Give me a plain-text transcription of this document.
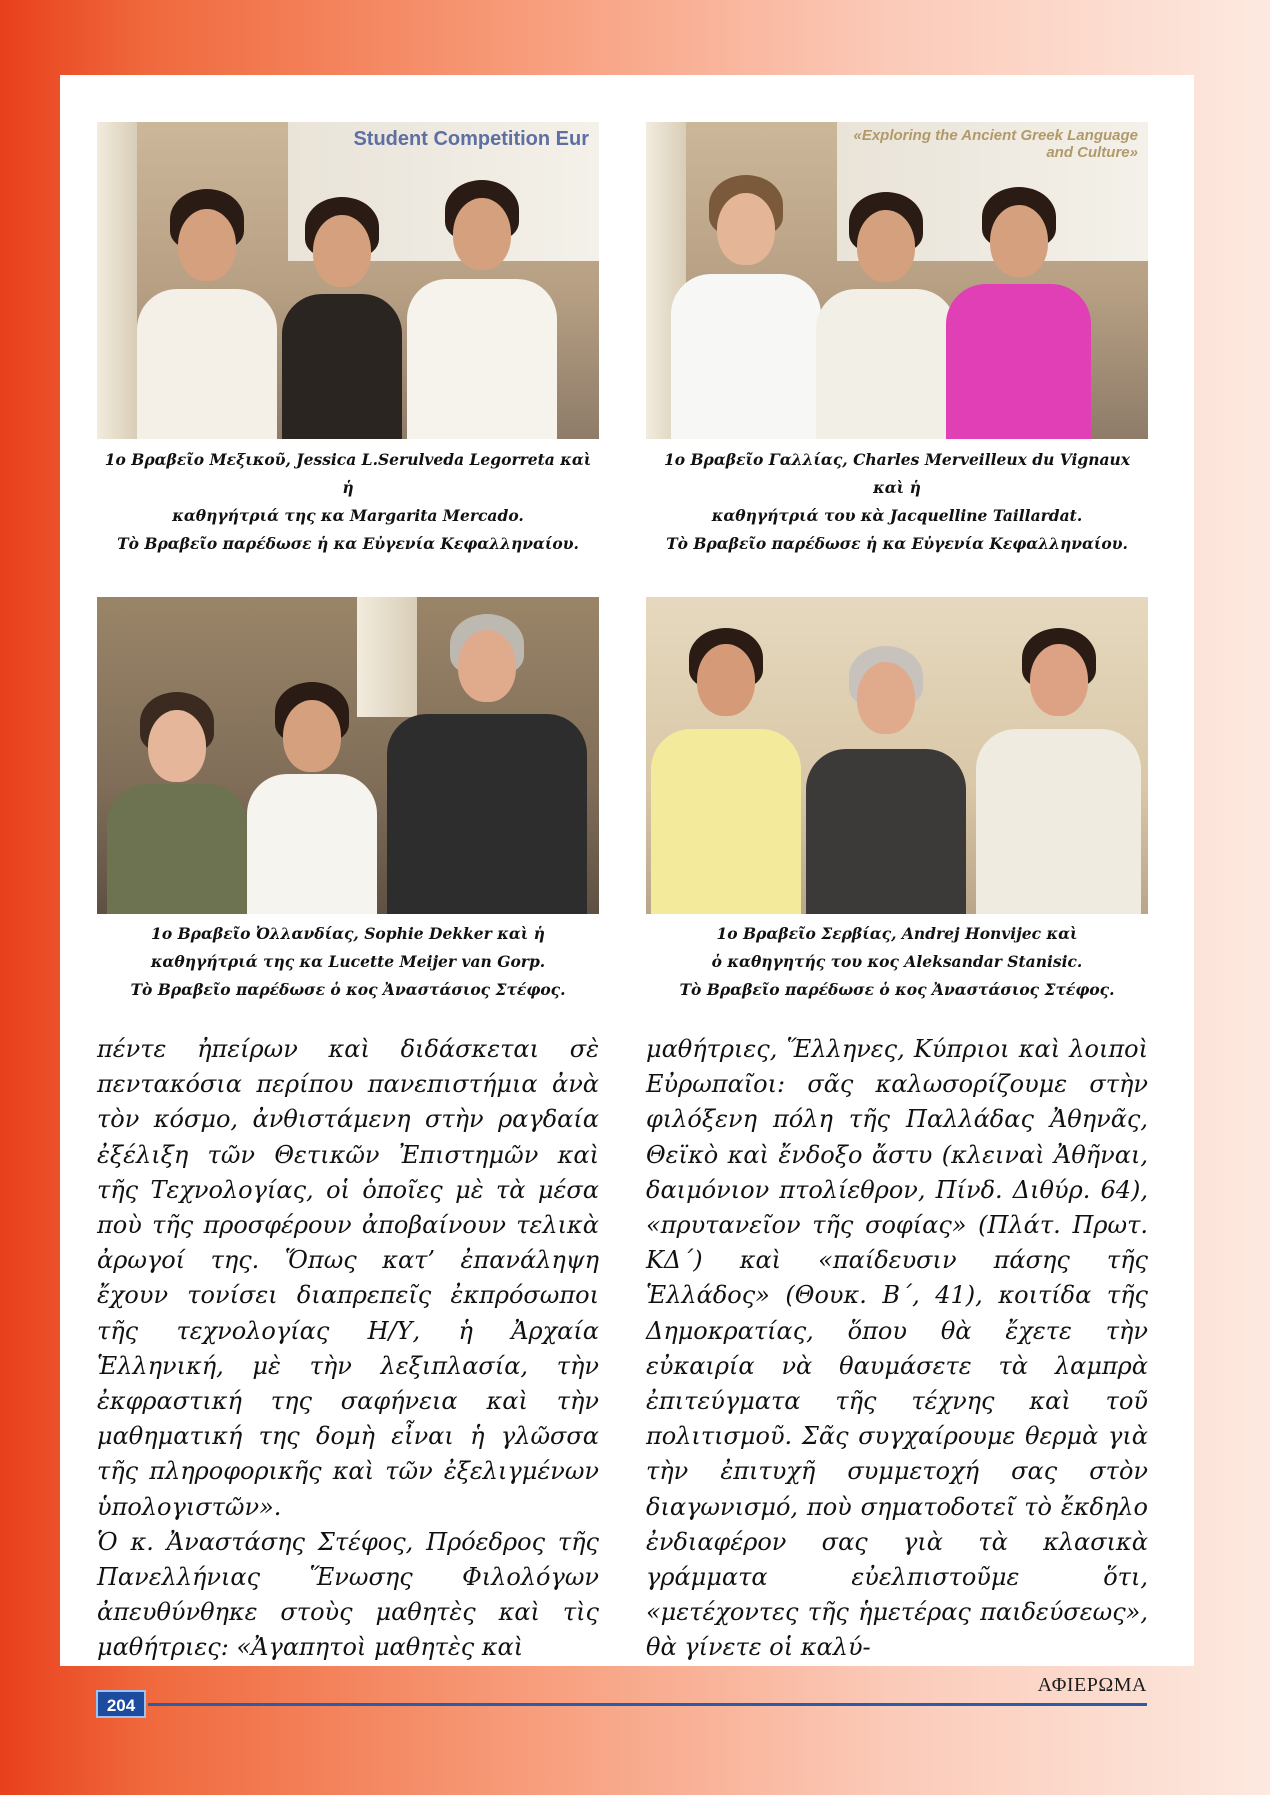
Student Competition Eur	«Exploring the Ancient Greek Language and Culture»
1ο Βραβεῖο Μεξικοῦ, Jessica L.Serulveda Legorreta καὶ ἡ
καθηγήτριά της κα Margarita Mercado.
Τὸ Βραβεῖο παρέδωσε ἡ κα Εὐγενία Κεφαλληναίου.
1ο Βραβεῖο Γαλλίας, Charles Merveilleux du Vignaux καὶ ἡ
καθηγήτριά του κὰ Jacquelline Taillardat.
Τὸ Βραβεῖο παρέδωσε ἡ κα Εὐγενία Κεφαλληναίου.
1ο Βραβεῖο Ὀλλανδίας, Sophie Dekker καὶ ἡ
καθηγήτριά της κα Lucette Meijer van Gorp.
Τὸ Βραβεῖο παρέδωσε ὁ κος Ἀναστάσιος Στέφος.
1ο Βραβεῖο Σερβίας, Andrej Honvijec καὶ
ὁ καθηγητής του κος Aleksandar Stanisic.
Τὸ Βραβεῖο παρέδωσε ὁ κος Ἀναστάσιος Στέφος.

πέντε ἠπείρων καὶ διδάσκεται σὲ πεντακόσια περίπου πανεπιστήμια ἀνὰ τὸν κόσμο, ἀνθιστάμενη στὴν ραγδαία ἐξέλιξη τῶν Θετικῶν Ἐπιστημῶν καὶ τῆς Τεχνολογίας, οἱ ὁποῖες μὲ τὰ μέσα ποὺ τῆς προσφέρουν ἀποβαίνουν τελικὰ ἀρωγοί της. Ὅπως κατ’ ἐπανάληψη ἔχουν τονίσει διαπρεπεῖς ἐκπρόσωποι τῆς τεχνολογίας Η/Υ, ἡ Ἀρχαία Ἑλληνική, μὲ τὴν λεξιπλασία, τὴν ἐκφραστική της σαφήνεια καὶ τὴν μαθηματική της δομὴ εἶναι ἡ γλῶσσα τῆς πληροφορικῆς καὶ τῶν ἐξελιγμένων ὑπολογιστῶν».

Ὁ κ. Ἀναστάσης Στέφος, Πρόεδρος τῆς Πανελλήνιας Ἕνωσης Φιλολόγων ἀπευθύνθηκε στοὺς μαθητὲς καὶ τὶς μαθήτριες: «Ἀγαπητοὶ μαθητὲς καὶ

μαθήτριες, Ἕλληνες, Κύπριοι καὶ λοιποὶ Εὐρωπαῖοι: σᾶς καλωσορίζουμε στὴν φιλόξενη πόλη τῆς Παλλάδας Ἀθηνᾶς, Θεϊκὸ καὶ ἔνδοξο ἄστυ (κλειναὶ Ἀθῆναι, δαιμόνιον πτολίεθρον, Πίνδ. Διθύρ. 64), «πρυτανεῖον τῆς σοφίας» (Πλάτ. Πρωτ. ΚΔ΄) καὶ «παίδευσιν πάσης τῆς Ἑλλάδος» (Θουκ. Β΄, 41), κοιτίδα τῆς Δημοκρατίας, ὅπου θὰ ἔχετε τὴν εὐκαιρία νὰ θαυμάσετε τὰ λαμπρὰ ἐπιτεύγματα τῆς τέχνης καὶ τοῦ πολιτισμοῦ. Σᾶς συγχαίρουμε θερμὰ γιὰ τὴν ἐπιτυχῆ συμμετοχή σας στὸν διαγωνισμό, ποὺ σηματοδοτεῖ τὸ ἔκδηλο ἐνδιαφέρον σας γιὰ τὰ κλασικὰ γράμματα εὐελπιστοῦμε ὅτι, «μετέχοντες τῆς ἡμετέρας παιδεύσεως», θὰ γίνετε οἱ καλύ-

204
ΑΦΙΕΡΩΜΑ
